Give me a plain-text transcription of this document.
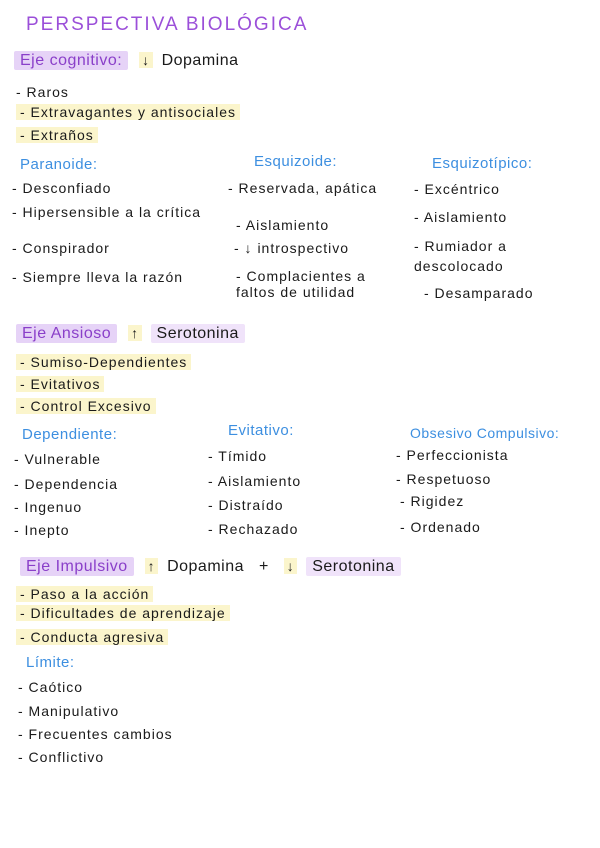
PERSPECTIVA BIOLÓGICA
Eje cognitivo: ↓ Dopamina
- Raros
- Extravagantes y antisociales
- Extraños
Paranoide:
- Desconfiado
- Hipersensible a la crítica
- Conspirador
- Siempre lleva la razón
Esquizoide:
- Reservada, apática
- Aislamiento
- ↓ introspectivo
- Complacientes a faltos de utilidad
Esquizotípico:
- Excéntrico
- Aislamiento
- Rumiador a descolocado
- Desamparado
Eje Ansioso ↑ Serotonina
- Sumiso-Dependientes
- Evitativos
- Control Excesivo
Dependiente:
- Vulnerable
- Dependencia
- Ingenuo
- Inepto
Evitativo:
- Tímido
- Aislamiento
- Distraído
- Rechazado
Obsesivo Compulsivo:
- Perfeccionista
- Respetuoso
- Rigidez
- Ordenado
Eje Impulsivo ↑ Dopamina + ↓ Serotonina
- Paso a la acción
- Dificultades de aprendizaje
- Conducta agresiva
Límite:
- Caótico
- Manipulativo
- Frecuentes cambios
- Conflictivo
